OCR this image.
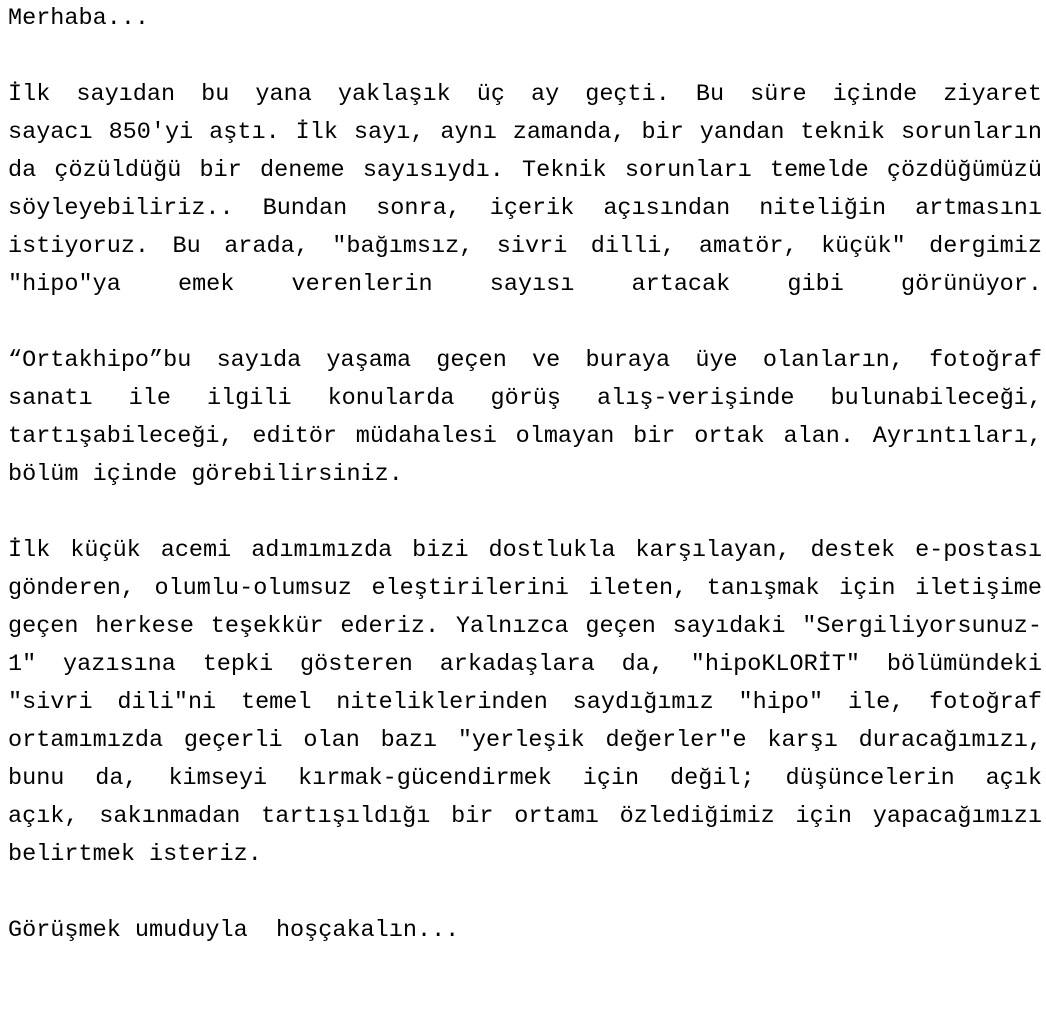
Merhaba...
İlk sayıdan bu yana yaklaşık üç ay geçti. Bu süre içinde ziyaret
sayacı 850'yi aştı. İlk sayı, aynı zamanda, bir yandan teknik sorunların
da çözüldüğü bir deneme sayısıydı. Teknik sorunları temelde çözdüğümüzü
söyleyebiliriz.. Bundan sonra, içerik açısından niteliğin artmasını
istiyoruz. Bu arada, "bağımsız, sivri dilli, amatör, küçük" dergimiz
"hipo"ya emek verenlerin sayısı artacak gibi görünüyor.
“Ortakhipo”bu sayıda yaşama geçen ve buraya üye olanların, fotoğraf
sanatı ile ilgili konularda görüş alış-verişinde bulunabileceği,
tartışabileceği, editör müdahalesi olmayan bir ortak alan. Ayrıntıları,
bölüm içinde görebilirsiniz.
İlk küçük acemi adımımızda bizi dostlukla karşılayan, destek e-postası
gönderen, olumlu-olumsuz eleştirilerini ileten, tanışmak için iletişime
geçen herkese teşekkür ederiz. Yalnızca geçen sayıdaki "Sergiliyorsunuz-
1" yazısına tepki gösteren arkadaşlara da, "hipoKLORİT" bölümündeki
"sivri dili"ni temel niteliklerinden saydığımız "hipo" ile, fotoğraf
ortamımızda geçerli olan bazı "yerleşik değerler"e karşı duracağımızı,
bunu da, kimseyi kırmak-gücendirmek için değil; düşüncelerin açık
açık, sakınmadan tartışıldığı bir ortamı özlediğimiz için yapacağımızı
belirtmek isteriz.
Görüşmek umuduyla  hoşçakalın...
